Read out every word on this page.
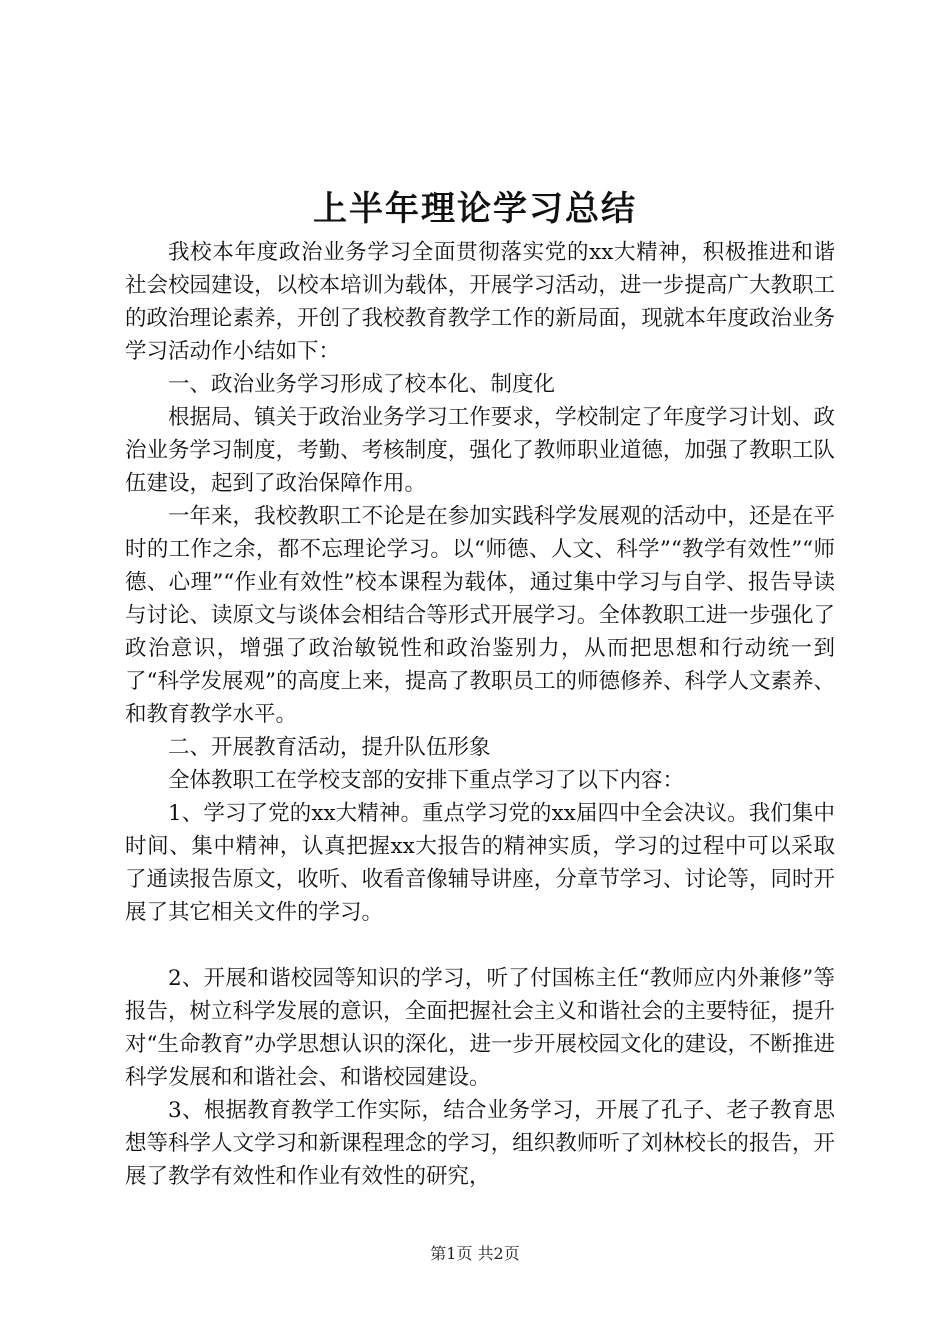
上半年理论学习总结

我校本年度政治业务学习全面贯彻落实党的xx大精神，积极推进和谐社会校园建设，以校本培训为载体，开展学习活动，进一步提高广大教职工的政治理论素养，开创了我校教育教学工作的新局面，现就本年度政治业务学习活动作小结如下：

一、政治业务学习形成了校本化、制度化

根据局、镇关于政治业务学习工作要求，学校制定了年度学习计划、政治业务学习制度，考勤、考核制度，强化了教师职业道德，加强了教职工队伍建设，起到了政治保障作用。

一年来，我校教职工不论是在参加实践科学发展观的活动中，还是在平时的工作之余，都不忘理论学习。以“师德、人文、科学”“教学有效性”“师德、心理”“作业有效性”校本课程为载体，通过集中学习与自学、报告导读与讨论、读原文与谈体会相结合等形式开展学习。全体教职工进一步强化了政治意识，增强了政治敏锐性和政治鉴别力，从而把思想和行动统一到了“科学发展观”的高度上来，提高了教职员工的师德修养、科学人文素养、和教育教学水平。

二、开展教育活动，提升队伍形象

全体教职工在学校支部的安排下重点学习了以下内容：

1、学习了党的xx大精神。重点学习党的xx届四中全会决议。我们集中时间、集中精神，认真把握xx大报告的精神实质，学习的过程中可以采取了通读报告原文，收听、收看音像辅导讲座，分章节学习、讨论等，同时开展了其它相关文件的学习。

2、开展和谐校园等知识的学习，听了付国栋主任“教师应内外兼修”等报告，树立科学发展的意识，全面把握社会主义和谐社会的主要特征，提升对“生命教育”办学思想认识的深化，进一步开展校园文化的建设，不断推进科学发展和和谐社会、和谐校园建设。

3、根据教育教学工作实际，结合业务学习，开展了孔子、老子教育思想等科学人文学习和新课程理念的学习，组织教师听了刘林校长的报告，开展了教学有效性和作业有效性的研究，

第1页 共2页
